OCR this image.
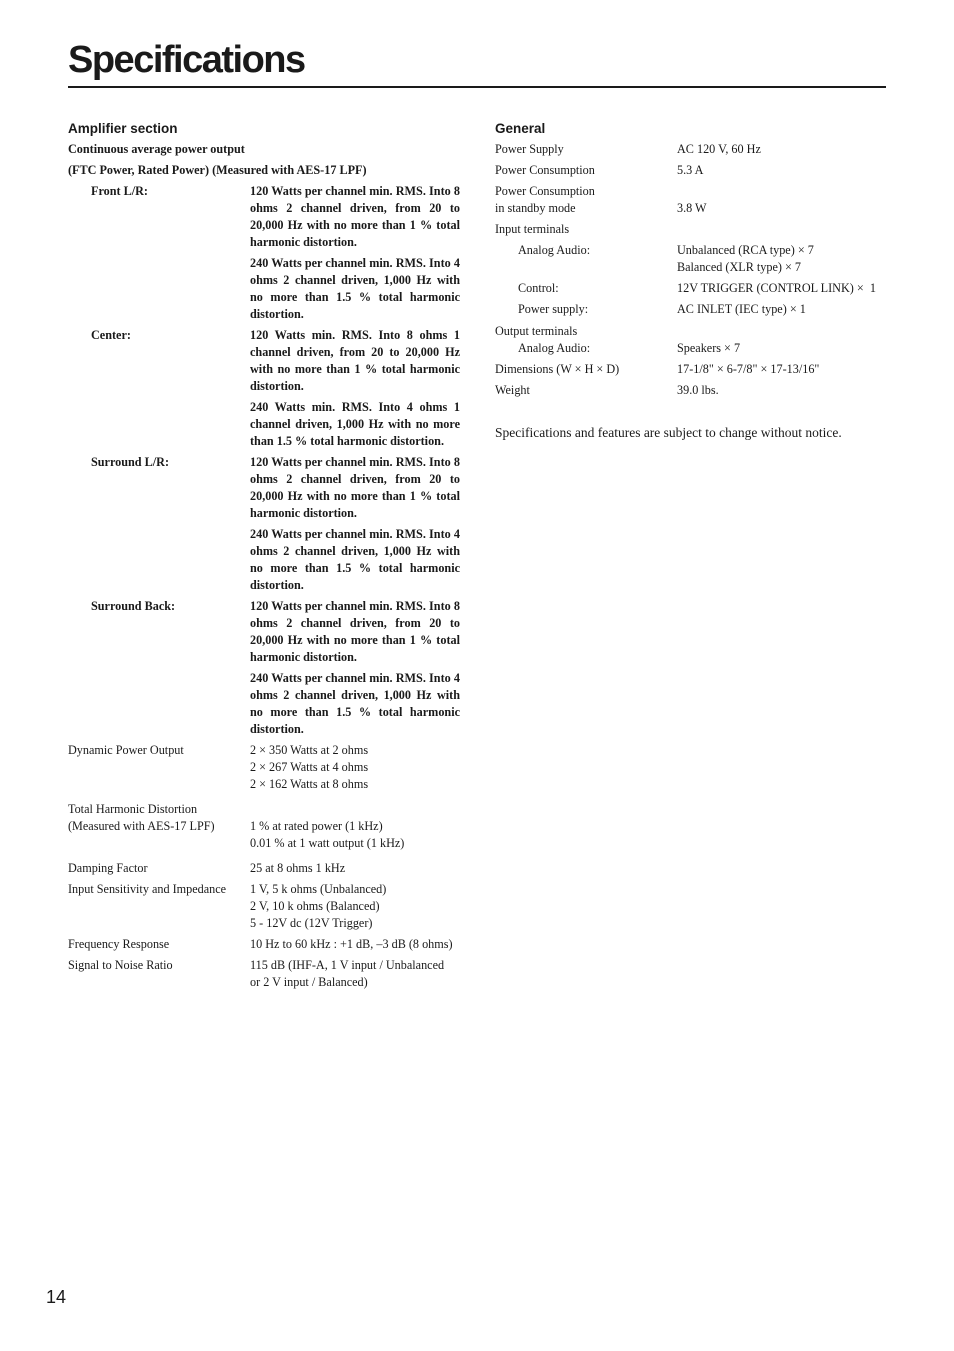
Specifications
Amplifier section
Continuous average power output
(FTC Power, Rated Power) (Measured with AES-17 LPF)
Front L/R:	120 Watts per channel min. RMS. Into 8 ohms 2 channel driven, from 20 to 20,000 Hz with no more than 1 % total harmonic distortion.
240 Watts per channel min. RMS. Into 4 ohms 2 channel driven, 1,000 Hz with no more than 1.5 % total harmonic distortion.
Center:	120 Watts min. RMS. Into 8 ohms 1 channel driven, from 20 to 20,000 Hz with no more than 1 % total harmonic distortion.
240 Watts min. RMS. Into 4 ohms 1 channel driven, 1,000 Hz with no more than 1.5 % total harmonic distortion.
Surround L/R:	120 Watts per channel min. RMS. Into 8 ohms 2 channel driven, from 20 to 20,000 Hz with no more than 1 % total harmonic distortion.
240 Watts per channel min. RMS. Into 4 ohms 2 channel driven, 1,000 Hz with no more than 1.5 % total harmonic distortion.
Surround Back:	120 Watts per channel min. RMS. Into 8 ohms 2 channel driven, from 20 to 20,000 Hz with no more than 1 % total harmonic distortion.
240 Watts per channel min. RMS. Into 4 ohms 2 channel driven, 1,000 Hz with no more than 1.5 % total harmonic distortion.
Dynamic Power Output	2 × 350 Watts at 2 ohms
2 × 267 Watts at 4 ohms
2 × 162 Watts at 8 ohms
Total Harmonic Distortion
(Measured with AES-17 LPF)	1 % at rated power (1 kHz)
0.01 % at 1 watt output (1 kHz)
Damping Factor	25 at 8 ohms 1 kHz
Input Sensitivity and Impedance	1 V, 5 k ohms (Unbalanced)
2 V, 10 k ohms (Balanced)
5 - 12V dc (12V Trigger)
Frequency Response	10 Hz to 60 kHz : +1 dB, –3 dB (8 ohms)
Signal to Noise Ratio	115 dB (IHF-A, 1 V input / Unbalanced
or 2 V input / Balanced)
General
Power Supply	AC 120 V, 60 Hz
Power Consumption	5.3 A
Power Consumption
in standby mode	3.8 W
Input terminals
Analog Audio:	Unbalanced (RCA type) × 7
Balanced (XLR type) × 7
Control:	12V TRIGGER (CONTROL LINK) ×  1
Power supply:	AC INLET (IEC type) × 1
Output terminals
Analog Audio:	Speakers × 7
Dimensions (W × H × D)	17-1/8" × 6-7/8" × 17-13/16"
Weight	39.0 lbs.
Specifications and features are subject to change without notice.
14
